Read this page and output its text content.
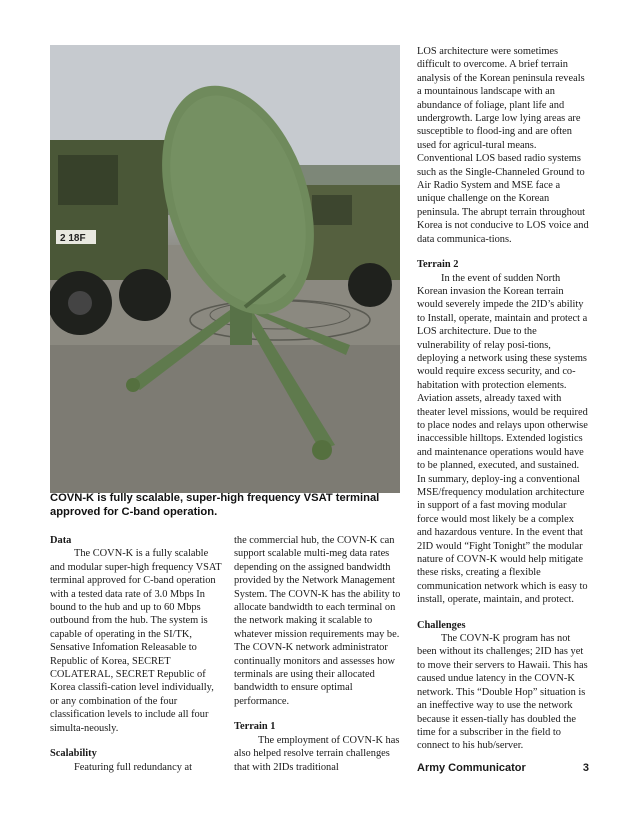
2 18F
COVN-K is fully scalable, super-high frequency VSAT terminal approved for C-band operation.
Data
The COVN-K is a fully scalable and modular super-high frequency VSAT terminal approved for C-band operation with a tested data rate of 3.0 Mbps In bound to the hub and up to 60 Mbps outbound from the hub. The system is capable of operating in the SI/TK, Sensative Infomation Releasable to Republic of Korea, SECRET COLATERAL, SECRET Republic of Korea classifi-cation level individually, or any combination of the four classification levels to include all four simulta-neously.
Scalability
Featuring full redundancy at
the commercial hub, the COVN-K can support scalable multi-meg data rates depending on the assigned bandwidth provided by the Network Management System. The COVN-K has the ability to allocate bandwidth to each terminal on the network making it scalable to whatever mission requirements may be. The COVN-K network administrator continually monitors and assesses how terminals are using their allocated bandwidth to ensure optimal performance.
Terrain 1
The employment of COVN-K has also helped resolve terrain challenges that with 2IDs traditional
LOS architecture were sometimes difficult to overcome. A brief terrain analysis of the Korean peninsula reveals a mountainous landscape with an abundance of foliage, plant life and undergrowth. Large low lying areas are susceptible to flood-ing and are often used for agricul-tural means. Conventional LOS based radio systems such as the Single-Channeled Ground to Air Radio System and MSE face a unique challenge on the Korean peninsula. The abrupt terrain throughout Korea is not conducive to LOS voice and data communica-tions.
Terrain 2
In the event of sudden North Korean invasion the Korean terrain would severely impede the 2ID’s ability to Install, operate, maintain and protect a LOS architecture. Due to the vulnerability of relay posi-tions, deploying a network using these systems would require excess security, and co-habitation with protection elements. Aviation assets, already taxed with theater level missions, would be required to place nodes and relays upon otherwise inaccessible hilltops. Extended logistics and maintenance operations would have to be planned, executed, and sustained. In summary, deploy-ing a conventional MSE/frequency modulation architecture in support of a fast moving modular force would most likely be a complex and hazardous venture. In the event that 2ID would “Fight Tonight” the modular nature of COVN-K would help mitigate these risks, creating a flexible communication network which is easy to install, operate, maintain, and protect.
Challenges
The COVN-K program has not been without its challenges; 2ID has yet to move their servers to Hawaii. This has caused undue latency in the COVN-K network. This “Double Hop” situation is an ineffective way to use the network because it essen-tially has doubled the time for a subscriber in the field to connect to his hub/server.
Army Communicator	3
